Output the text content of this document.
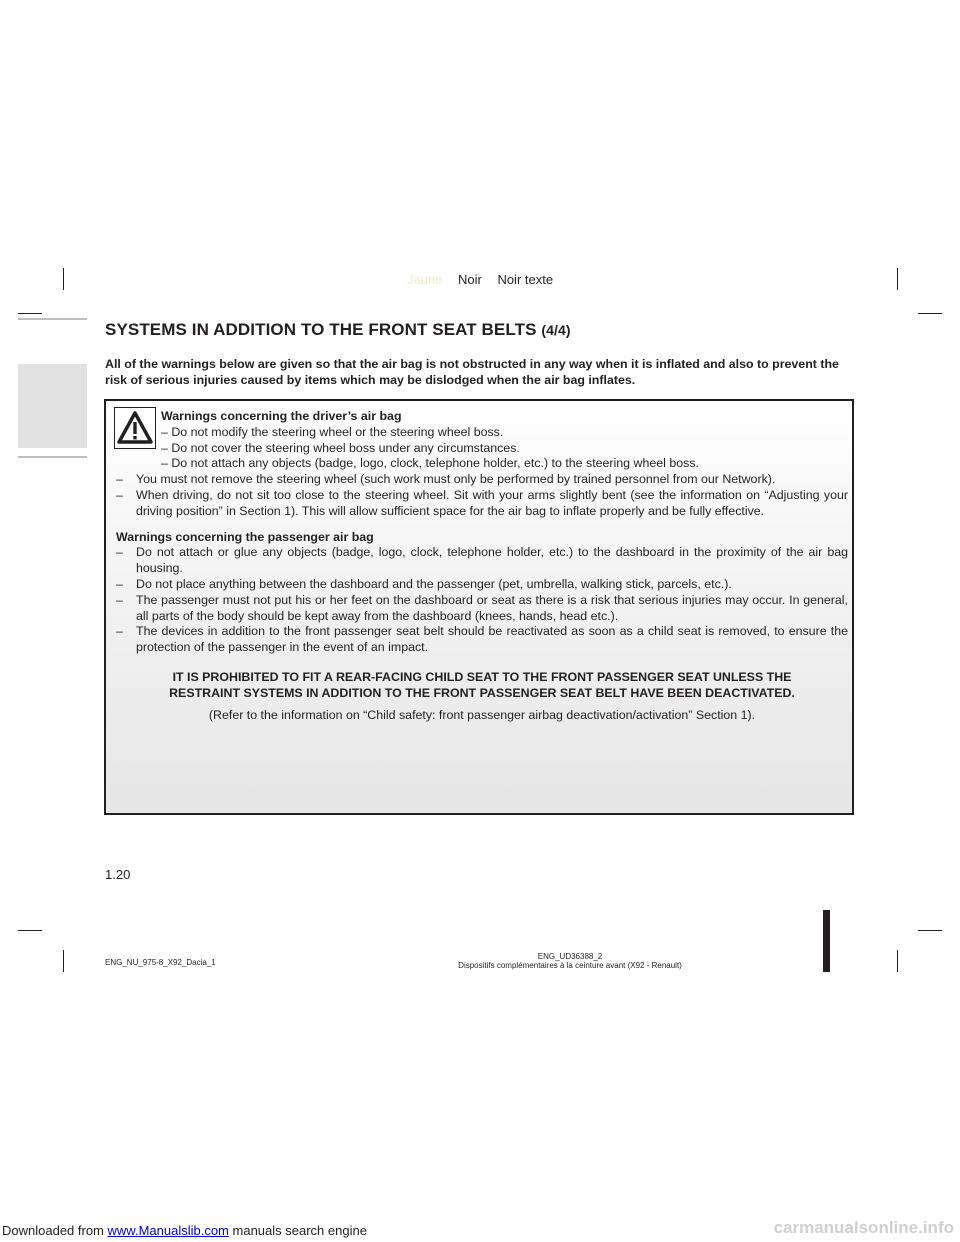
Jaune Noir Noir texte
SYSTEMS IN ADDITION TO THE FRONT SEAT BELTS (4/4)
All of the warnings below are given so that the air bag is not obstructed in any way when it is inflated and also to prevent the risk of serious injuries caused by items which may be dislodged when the air bag inflates.

Warnings concerning the driver’s air bag

– Do not modify the steering wheel or the steering wheel boss.

– Do not cover the steering wheel boss under any circumstances.

– Do not attach any objects (badge, logo, clock, telephone holder, etc.) to the steering wheel boss.

– You must not remove the steering wheel (such work must only be performed by trained personnel from our Network).

– When driving, do not sit too close to the steering wheel. Sit with your arms slightly bent (see the information on “Adjusting your driving position” in Section 1). This will allow sufficient space for the air bag to inflate properly and be fully effective.

Warnings concerning the passenger air bag

– Do not attach or glue any objects (badge, logo, clock, telephone holder, etc.) to the dashboard in the proximity of the air bag housing.

– Do not place anything between the dashboard and the passenger (pet, umbrella, walking stick, parcels, etc.).

– The passenger must not put his or her feet on the dashboard or seat as there is a risk that serious injuries may occur. In general, all parts of the body should be kept away from the dashboard (knees, hands, head etc.).

– The devices in addition to the front passenger seat belt should be reactivated as soon as a child seat is removed, to ensure the protection of the passenger in the event of an impact.

IT IS PROHIBITED TO FIT A REAR-FACING CHILD SEAT TO THE FRONT PASSENGER SEAT UNLESS THE RESTRAINT SYSTEMS IN ADDITION TO THE FRONT PASSENGER SEAT BELT HAVE BEEN DEACTIVATED.

(Refer to the information on “Child safety: front passenger airbag deactivation/activation” Section 1).

1.20
ENG_NU_975-8_X92_Dacia_1
ENG_UD36388_2
Dispositifs complémentaires à la ceinture avant (X92 - Renault)
Downloaded from www.Manualslib.com manuals search engine	carmanualsonline.info
